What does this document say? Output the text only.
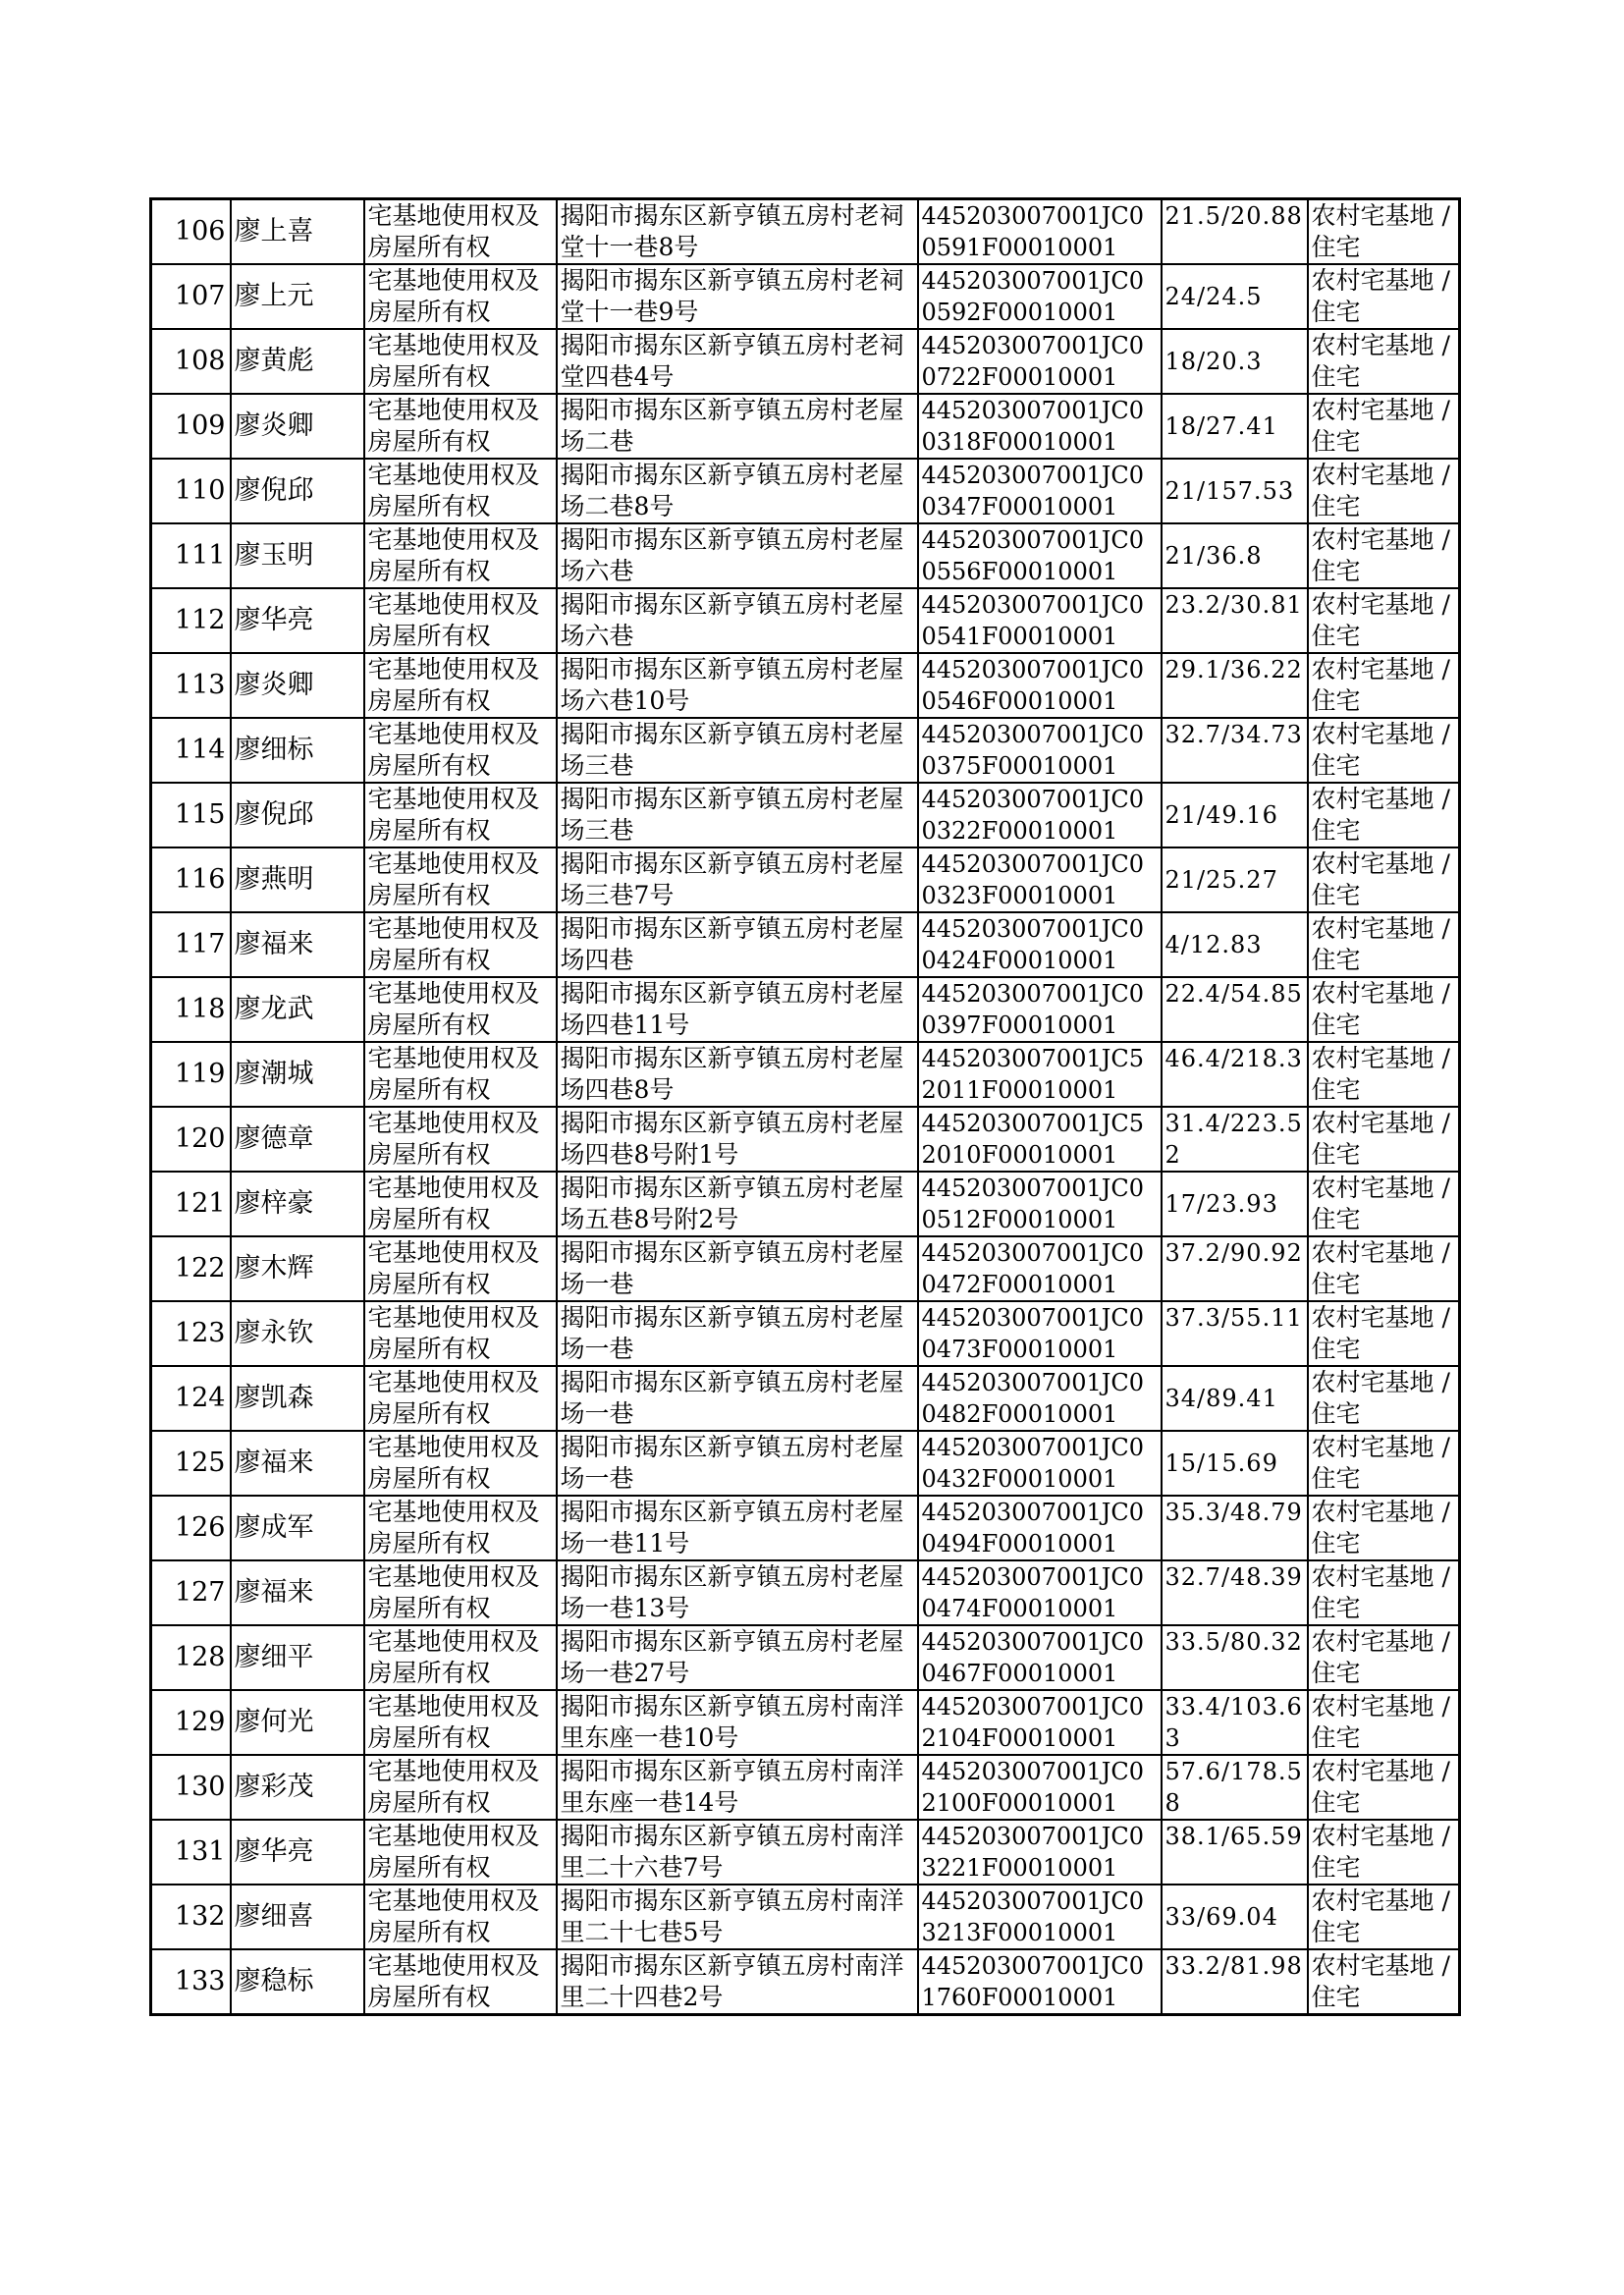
106	廖上喜	宅基地使用权及房屋所有权	揭阳市揭东区新亨镇五房村老祠堂十一巷8号	445203007001JC00591F00010001	21.5/20.88	农村宅基地 / 住宅
107	廖上元	宅基地使用权及房屋所有权	揭阳市揭东区新亨镇五房村老祠堂十一巷9号	445203007001JC00592F00010001	24/24.5	农村宅基地 / 住宅
108	廖黄彪	宅基地使用权及房屋所有权	揭阳市揭东区新亨镇五房村老祠堂四巷4号	445203007001JC00722F00010001	18/20.3	农村宅基地 / 住宅
109	廖炎卿	宅基地使用权及房屋所有权	揭阳市揭东区新亨镇五房村老屋场二巷	445203007001JC00318F00010001	18/27.41	农村宅基地 / 住宅
110	廖倪邱	宅基地使用权及房屋所有权	揭阳市揭东区新亨镇五房村老屋场二巷8号	445203007001JC00347F00010001	21/157.53	农村宅基地 / 住宅
111	廖玉明	宅基地使用权及房屋所有权	揭阳市揭东区新亨镇五房村老屋场六巷	445203007001JC00556F00010001	21/36.8	农村宅基地 / 住宅
112	廖华亮	宅基地使用权及房屋所有权	揭阳市揭东区新亨镇五房村老屋场六巷	445203007001JC00541F00010001	23.2/30.81	农村宅基地 / 住宅
113	廖炎卿	宅基地使用权及房屋所有权	揭阳市揭东区新亨镇五房村老屋场六巷10号	445203007001JC00546F00010001	29.1/36.22	农村宅基地 / 住宅
114	廖细标	宅基地使用权及房屋所有权	揭阳市揭东区新亨镇五房村老屋场三巷	445203007001JC00375F00010001	32.7/34.73	农村宅基地 / 住宅
115	廖倪邱	宅基地使用权及房屋所有权	揭阳市揭东区新亨镇五房村老屋场三巷	445203007001JC00322F00010001	21/49.16	农村宅基地 / 住宅
116	廖燕明	宅基地使用权及房屋所有权	揭阳市揭东区新亨镇五房村老屋场三巷7号	445203007001JC00323F00010001	21/25.27	农村宅基地 / 住宅
117	廖福来	宅基地使用权及房屋所有权	揭阳市揭东区新亨镇五房村老屋场四巷	445203007001JC00424F00010001	4/12.83	农村宅基地 / 住宅
118	廖龙武	宅基地使用权及房屋所有权	揭阳市揭东区新亨镇五房村老屋场四巷11号	445203007001JC00397F00010001	22.4/54.85	农村宅基地 / 住宅
119	廖潮城	宅基地使用权及房屋所有权	揭阳市揭东区新亨镇五房村老屋场四巷8号	445203007001JC52011F00010001	46.4/218.3	农村宅基地 / 住宅
120	廖德章	宅基地使用权及房屋所有权	揭阳市揭东区新亨镇五房村老屋场四巷8号附1号	445203007001JC52010F00010001	31.4/223.52	农村宅基地 / 住宅
121	廖梓豪	宅基地使用权及房屋所有权	揭阳市揭东区新亨镇五房村老屋场五巷8号附2号	445203007001JC00512F00010001	17/23.93	农村宅基地 / 住宅
122	廖木辉	宅基地使用权及房屋所有权	揭阳市揭东区新亨镇五房村老屋场一巷	445203007001JC00472F00010001	37.2/90.92	农村宅基地 / 住宅
123	廖永钦	宅基地使用权及房屋所有权	揭阳市揭东区新亨镇五房村老屋场一巷	445203007001JC00473F00010001	37.3/55.11	农村宅基地 / 住宅
124	廖凯森	宅基地使用权及房屋所有权	揭阳市揭东区新亨镇五房村老屋场一巷	445203007001JC00482F00010001	34/89.41	农村宅基地 / 住宅
125	廖福来	宅基地使用权及房屋所有权	揭阳市揭东区新亨镇五房村老屋场一巷	445203007001JC00432F00010001	15/15.69	农村宅基地 / 住宅
126	廖成军	宅基地使用权及房屋所有权	揭阳市揭东区新亨镇五房村老屋场一巷11号	445203007001JC00494F00010001	35.3/48.79	农村宅基地 / 住宅
127	廖福来	宅基地使用权及房屋所有权	揭阳市揭东区新亨镇五房村老屋场一巷13号	445203007001JC00474F00010001	32.7/48.39	农村宅基地 / 住宅
128	廖细平	宅基地使用权及房屋所有权	揭阳市揭东区新亨镇五房村老屋场一巷27号	445203007001JC00467F00010001	33.5/80.32	农村宅基地 / 住宅
129	廖何光	宅基地使用权及房屋所有权	揭阳市揭东区新亨镇五房村南洋里东座一巷10号	445203007001JC02104F00010001	33.4/103.63	农村宅基地 / 住宅
130	廖彩茂	宅基地使用权及房屋所有权	揭阳市揭东区新亨镇五房村南洋里东座一巷14号	445203007001JC02100F00010001	57.6/178.58	农村宅基地 / 住宅
131	廖华亮	宅基地使用权及房屋所有权	揭阳市揭东区新亨镇五房村南洋里二十六巷7号	445203007001JC03221F00010001	38.1/65.59	农村宅基地 / 住宅
132	廖细喜	宅基地使用权及房屋所有权	揭阳市揭东区新亨镇五房村南洋里二十七巷5号	445203007001JC03213F00010001	33/69.04	农村宅基地 / 住宅
133	廖稳标	宅基地使用权及房屋所有权	揭阳市揭东区新亨镇五房村南洋里二十四巷2号	445203007001JC01760F00010001	33.2/81.98	农村宅基地 / 住宅
